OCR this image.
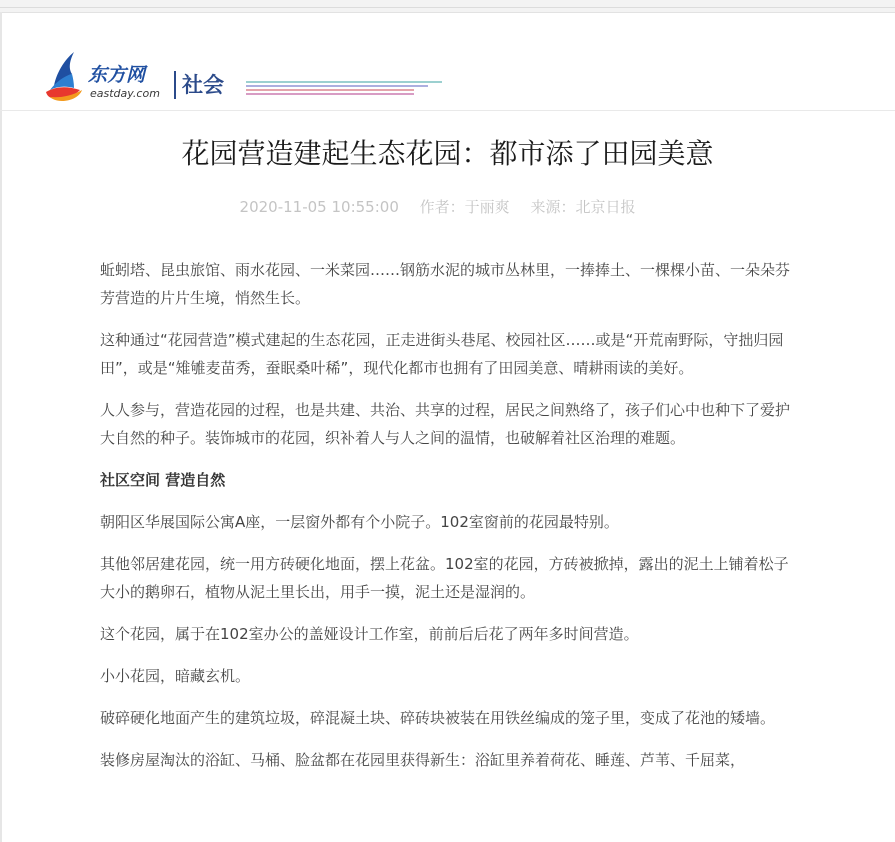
东方网
eastday.com 社会
花园营造建起生态花园：都市添了田园美意
2020-11-05 10:55:00 作者：于丽爽 来源：北京日报

蚯蚓塔、昆虫旅馆、雨水花园、一米菜园……钢筋水泥的城市丛林里，一捧捧土、一棵棵小苗、一朵朵芬芳营造的片片生境，悄然生长。

这种通过“花园营造”模式建起的生态花园，正走进街头巷尾、校园社区……或是“开荒南野际，守拙归园田”，或是“雉雊麦苗秀，蚕眠桑叶稀”，现代化都市也拥有了田园美意、晴耕雨读的美好。

人人参与，营造花园的过程，也是共建、共治、共享的过程，居民之间熟络了，孩子们心中也种下了爱护大自然的种子。装饰城市的花园，织补着人与人之间的温情，也破解着社区治理的难题。

社区空间 营造自然

朝阳区华展国际公寓A座，一层窗外都有个小院子。102室窗前的花园最特别。

其他邻居建花园，统一用方砖硬化地面，摆上花盆。102室的花园，方砖被掀掉，露出的泥土上铺着松子大小的鹅卵石，植物从泥土里长出，用手一摸，泥土还是湿润的。

这个花园，属于在102室办公的盖娅设计工作室，前前后后花了两年多时间营造。

小小花园，暗藏玄机。

破碎硬化地面产生的建筑垃圾，碎混凝土块、碎砖块被装在用铁丝编成的笼子里，变成了花池的矮墙。

装修房屋淘汰的浴缸、马桶、脸盆都在花园里获得新生：浴缸里养着荷花、睡莲、芦苇、千屈菜，
